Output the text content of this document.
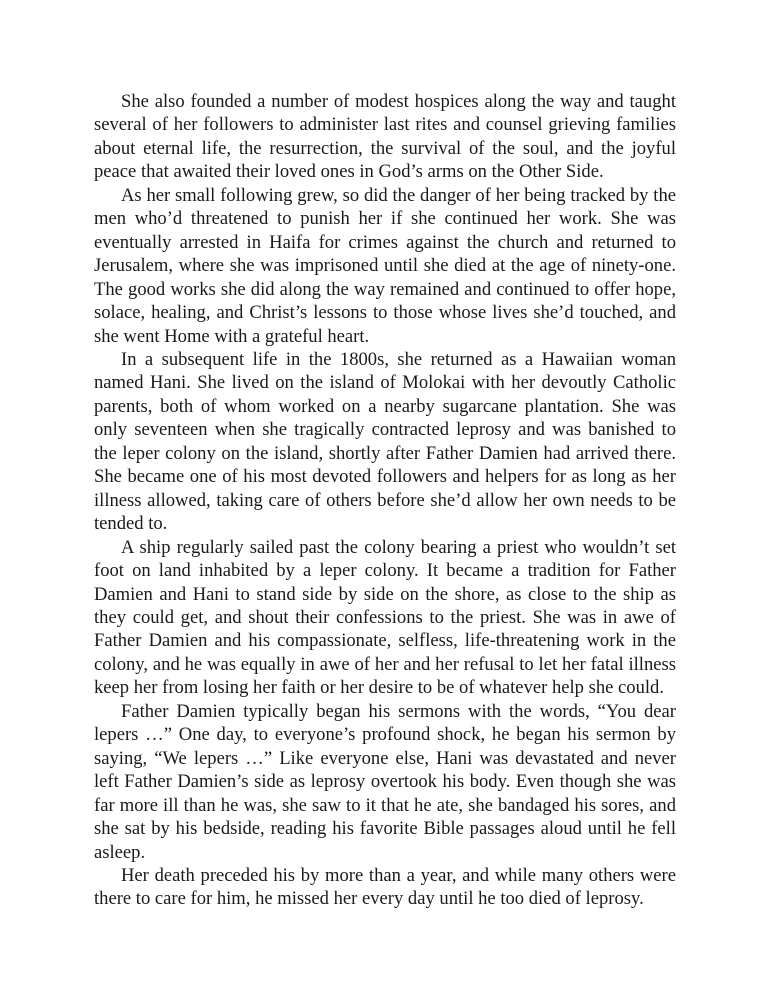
She also founded a number of modest hospices along the way and taught several of her followers to administer last rites and counsel grieving families about eternal life, the resurrection, the survival of the soul, and the joyful peace that awaited their loved ones in God’s arms on the Other Side.

As her small following grew, so did the danger of her being tracked by the men who’d threatened to punish her if she continued her work. She was eventually arrested in Haifa for crimes against the church and returned to Jerusalem, where she was imprisoned until she died at the age of ninety-one. The good works she did along the way remained and continued to offer hope, solace, healing, and Christ’s lessons to those whose lives she’d touched, and she went Home with a grateful heart.

In a subsequent life in the 1800s, she returned as a Hawaiian woman named Hani. She lived on the island of Molokai with her devoutly Catholic parents, both of whom worked on a nearby sugarcane plantation. She was only seventeen when she tragically contracted leprosy and was banished to the leper colony on the island, shortly after Father Damien had arrived there. She became one of his most devoted followers and helpers for as long as her illness allowed, taking care of others before she’d allow her own needs to be tended to.

A ship regularly sailed past the colony bearing a priest who wouldn’t set foot on land inhabited by a leper colony. It became a tradition for Father Damien and Hani to stand side by side on the shore, as close to the ship as they could get, and shout their confessions to the priest. She was in awe of Father Damien and his compassionate, selfless, life-threatening work in the colony, and he was equally in awe of her and her refusal to let her fatal illness keep her from losing her faith or her desire to be of whatever help she could.

Father Damien typically began his sermons with the words, “You dear lepers …” One day, to everyone’s profound shock, he began his sermon by saying, “We lepers …” Like everyone else, Hani was devastated and never left Father Damien’s side as leprosy overtook his body. Even though she was far more ill than he was, she saw to it that he ate, she bandaged his sores, and she sat by his bedside, reading his favorite Bible passages aloud until he fell asleep.

Her death preceded his by more than a year, and while many others were there to care for him, he missed her every day until he too died of leprosy.
